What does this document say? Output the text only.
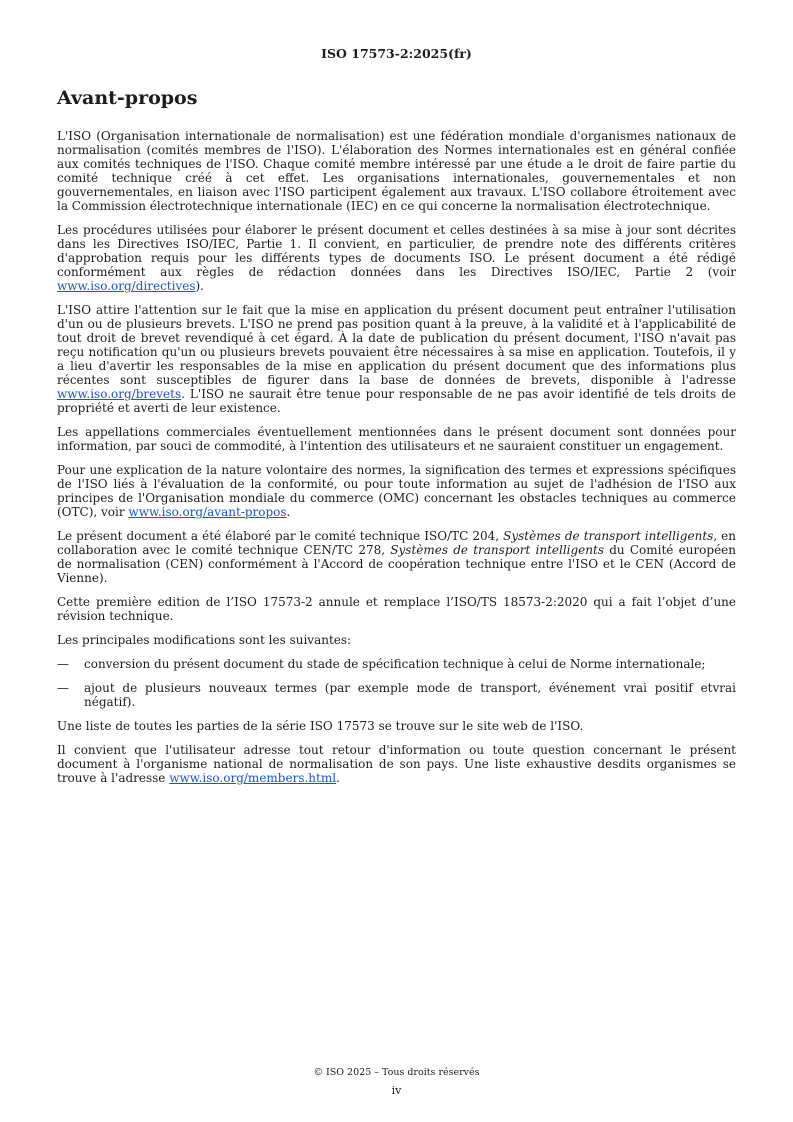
ISO 17573-2:2025(fr)
Avant-propos

L'ISO (Organisation internationale de normalisation) est une fédération mondiale d'organismes nationaux de normalisation (comités membres de l'ISO). L'élaboration des Normes internationales est en général confiée aux comités techniques de l'ISO. Chaque comité membre intéressé par une étude a le droit de faire partie du comité technique créé à cet effet. Les organisations internationales, gouvernementales et non gouvernementales, en liaison avec l'ISO participent également aux travaux. L'ISO collabore étroitement avec la Commission électrotechnique internationale (IEC) en ce qui concerne la normalisation électrotechnique.

Les procédures utilisées pour élaborer le présent document et celles destinées à sa mise à jour sont décrites dans les Directives ISO/IEC, Partie 1. Il convient, en particulier, de prendre note des différents critères d'approbation requis pour les différents types de documents ISO. Le présent document a été rédigé conformément aux règles de rédaction données dans les Directives ISO/IEC, Partie 2 (voir www.iso.org/directives).

L'ISO attire l'attention sur le fait que la mise en application du présent document peut entraîner l'utilisation d'un ou de plusieurs brevets. L'ISO ne prend pas position quant à la preuve, à la validité et à l'applicabilité de tout droit de brevet revendiqué à cet égard. À la date de publication du présent document, l'ISO n'avait pas reçu notification qu'un ou plusieurs brevets pouvaient être nécessaires à sa mise en application. Toutefois, il y a lieu d'avertir les responsables de la mise en application du présent document que des informations plus récentes sont susceptibles de figurer dans la base de données de brevets, disponible à l'adresse www.iso.org/brevets. L'ISO ne saurait être tenue pour responsable de ne pas avoir identifié de tels droits de propriété et averti de leur existence.

Les appellations commerciales éventuellement mentionnées dans le présent document sont données pour information, par souci de commodité, à l'intention des utilisateurs et ne sauraient constituer un engagement.

Pour une explication de la nature volontaire des normes, la signification des termes et expressions spécifiques de l'ISO liés à l'évaluation de la conformité, ou pour toute information au sujet de l'adhésion de l'ISO aux principes de l'Organisation mondiale du commerce (OMC) concernant les obstacles techniques au commerce (OTC), voir www.iso.org/avant-propos.

Le présent document a été élaboré par le comité technique ISO/TC 204, Systèmes de transport intelligents, en collaboration avec le comité technique CEN/TC 278, Systèmes de transport intelligents du Comité européen de normalisation (CEN) conformément à l'Accord de coopération technique entre l'ISO et le CEN (Accord de Vienne).

Cette première edition de l’ISO 17573-2 annule et remplace l’ISO/TS 18573-2:2020 qui a fait l’objet d’une révision technique.

Les principales modifications sont les suivantes:

— conversion du présent document du stade de spécification technique à celui de Norme internationale;
— ajout de plusieurs nouveaux termes (par exemple mode de transport, événement vrai positif etvrai négatif).

Une liste de toutes les parties de la série ISO 17573 se trouve sur le site web de l'ISO.

Il convient que l'utilisateur adresse tout retour d'information ou toute question concernant le présent document à l'organisme national de normalisation de son pays. Une liste exhaustive desdits organismes se trouve à l'adresse www.iso.org/members.html.

© ISO 2025 – Tous droits réservés
iv
